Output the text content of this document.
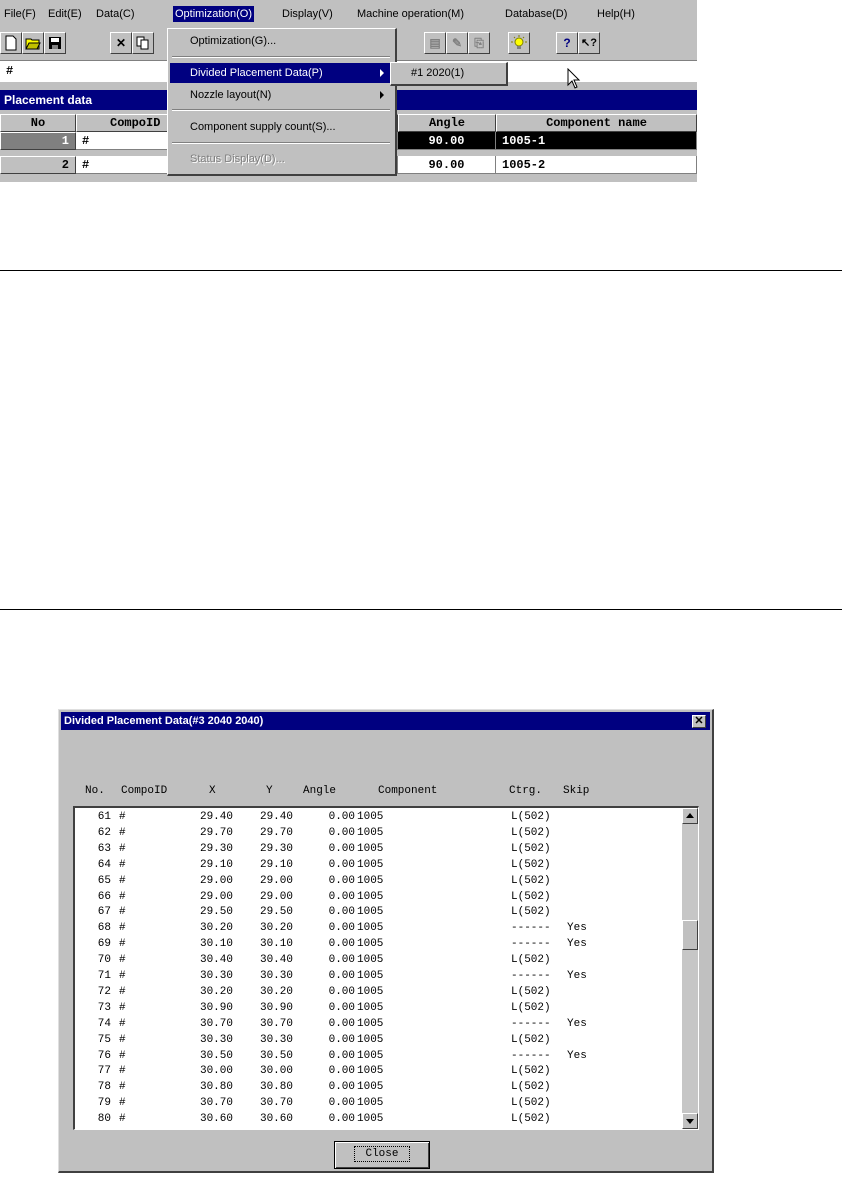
File(F) Edit(E) Data(C)	Optimization(O)	Display(V) Machine operation(M)	Database(D)	Help(H)
✕	▤ ✎	⎘	? ↖?
#
Placement data
No	CompoID	Angle	Component name
1	#	90.00	1005-1
2	#	90.00	1005-2
Optimization(G)...
Divided Placement Data(P)
Nozzle layout(N)
Component supply count(S)...
Status Display(D)...
#1 2020(1)
Divided Placement Data(#3 2040 2040)	✕
No. CompoID	X	Y	Angle	Component	Ctrg. Skip
61 #	29.40	29.40	0.00 1005	L(502)
62 #	29.70	29.70	0.00 1005	L(502)
63 #	29.30	29.30	0.00 1005	L(502)
64 #	29.10	29.10	0.00 1005	L(502)
65 #	29.00	29.00	0.00 1005	L(502)
66 #	29.00	29.00	0.00 1005	L(502)
67 #	29.50	29.50	0.00 1005	L(502)
68 #	30.20	30.20	0.00 1005	------	Yes
69 #	30.10	30.10	0.00 1005	------	Yes
70 #	30.40	30.40	0.00 1005	L(502)
71 #	30.30	30.30	0.00 1005	------	Yes
72 #	30.20	30.20	0.00 1005	L(502)
73 #	30.90	30.90	0.00 1005	L(502)
74 #	30.70	30.70	0.00 1005	------	Yes
75 #	30.30	30.30	0.00 1005	L(502)
76 #	30.50	30.50	0.00 1005	------	Yes
77 #	30.00	30.00	0.00 1005	L(502)
78 #	30.80	30.80	0.00 1005	L(502)
79 #	30.70	30.70	0.00 1005	L(502)
80 #	30.60	30.60	0.00 1005	L(502)
Close
